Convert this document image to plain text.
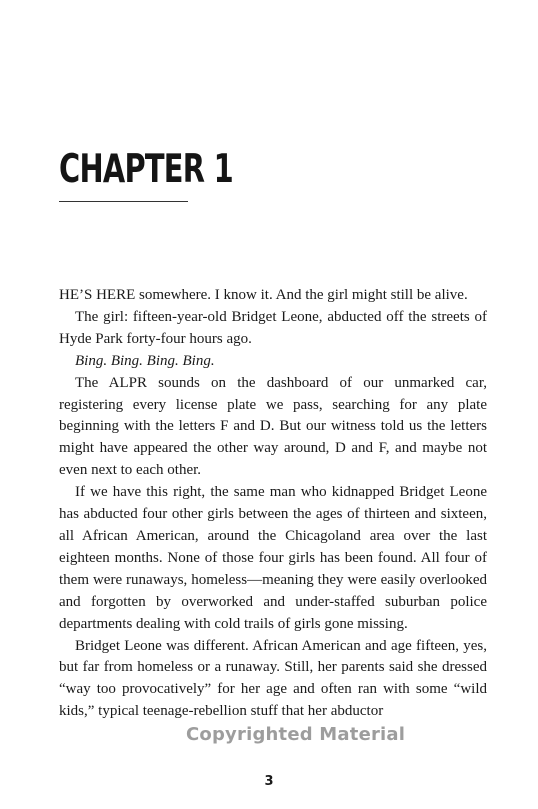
CHAPTER 1

HE’S HERE somewhere. I know it. And the girl might still be alive.

The girl: fifteen-year-old Bridget Leone, abducted off the streets of Hyde Park forty-four hours ago.

Bing. Bing. Bing. Bing.

The ALPR sounds on the dashboard of our unmarked car, registering every license plate we pass, searching for any plate beginning with the letters F and D. But our witness told us the letters might have appeared the other way around, D and F, and maybe not even next to each other.

If we have this right, the same man who kidnapped Bridget Leone has abducted four other girls between the ages of thirteen and sixteen, all African American, around the Chicagoland area over the last eighteen months. None of those four girls has been found. All four of them were runaways, homeless—meaning they were easily overlooked and forgotten by overworked and under-staffed suburban police departments dealing with cold trails of girls gone missing.

Bridget Leone was different. African American and age fifteen, yes, but far from homeless or a runaway. Still, her parents said she dressed “way too provocatively” for her age and often ran with some “wild kids,” typical teenage-rebellion stuff that her abductor

Copyrighted Material
3
